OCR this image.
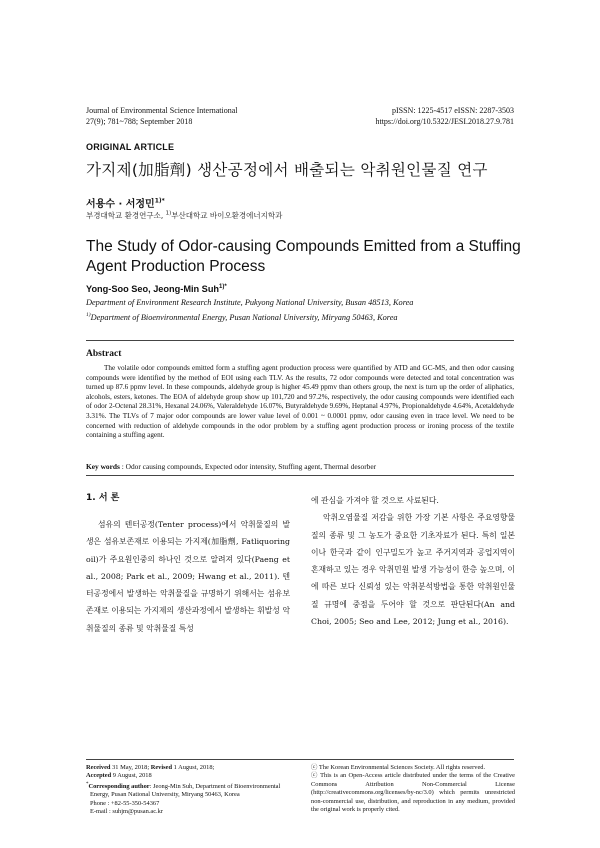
Journal of Environmental Science International
27(9); 781~788; September 2018
pISSN: 1225-4517 eISSN: 2287-3503
https://doi.org/10.5322/JESI.2018.27.9.781
ORIGINAL ARTICLE
가지제(加脂劑) 생산공정에서 배출되는 악취원인물질 연구
서용수 · 서정민$^{1)*}$
부경대학교 환경연구소, $^{1)}$부산대학교 바이오환경에너지학과
The Study of Odor-causing Compounds Emitted from a Stuffing Agent Production Process
Yong-Soo Seo, Jeong-Min Suh$^{1)*}$
Department of Environment Research Institute, Pukyong National University, Busan 48513, Korea
$^{1)}$Department of Bioenvironmental Energy, Pusan National University, Miryang 50463, Korea
Abstract
The volatile odor compounds emitted form a stuffing agent production process were quantified by ATD and GC-MS, and then odor causing compounds were identified by the method of EOI using each TLV. As the results, 72 odor compounds were detected and total concentration was turned up 87.6 ppmv level. In these compounds, aldehyde group is higher 45.49 ppmv than others group, the next is turn up the order of aliphatics, alcohols, esters, ketones. The EOA of aldehyde group show up 101,720 and 97.2%, respectively, the odor causing compounds were identified each of odor 2-Octenal 28.31%, Hexanal 24.06%, Valeraldehyde 16.07%, Butyraldehyde 9.69%, Heptanal 4.97%, Propionaldehyde 4.64%, Acetaldehyde 3.31%. The TLVs of 7 major odor compounds are lower value level of 0.001 ~ 0.0001 ppmv, odor causing even in trace level. We need to be concerned with reduction of aldehyde compounds in the odor problem by a stuffing agent production process or ironing process of the textile containing a stuffing agent.
Key words : Odor causing compounds, Expected odor intensity, Stuffing agent, Thermal desorber
1. 서 론

섬유의 텐터공정(Tenter process)에서 악취물질의 발생은 섬유보존재로 이용되는 가지제(加脂劑, Fatliquoring oil)가 주요원인중의 하나인 것으로 알려져 있다(Paeng et al., 2008; Park et al., 2009; Hwang et al., 2011). 텐터공정에서 발생하는 악취물질을 규명하기 위해서는 섬유보존재로 이용되는 가지제의 생산과정에서 발생하는 휘발성 악취물질의 종류 및 악취물질 특성

에 관심을 가져야 할 것으로 사료된다.

악취오염물질 저감을 위한 가장 기본 사항은 주요영향물질의 종류 및 그 농도가 중요한 기초자료가 된다. 특히 일본이나 한국과 같이 인구밀도가 높고 주거지역과 공업지역이 혼재하고 있는 경우 악취민원 발생 가능성이 한층 높으며, 이에 따른 보다 신뢰성 있는 악취분석방법을 통한 악취원인물질 규명에 중점을 두어야 할 것으로 판단된다(An and Choi, 2005; Seo and Lee, 2012; Jung et al., 2016).

Received 31 May, 2018; Revised 1 August, 2018;
Accepted 9 August, 2018
*Corresponding author: Jeong-Min Suh, Department of Bioenvironmental
Energy, Pusan National University, Miryang 50463, Korea
Phone : +82-55-350-54367
E-mail : suhjm@pusan.ac.kr
ⓒ The Korean Environmental Sciences Society. All rights reserved.
ⓒ This is an Open-Access article distributed under the terms of the Creative Commons Attribution Non-Commercial License (http://creativecommons.org/licenses/by-nc/3.0) which permits unrestricted non-commercial use, distribution, and reproduction in any medium, provided the original work is properly cited.
